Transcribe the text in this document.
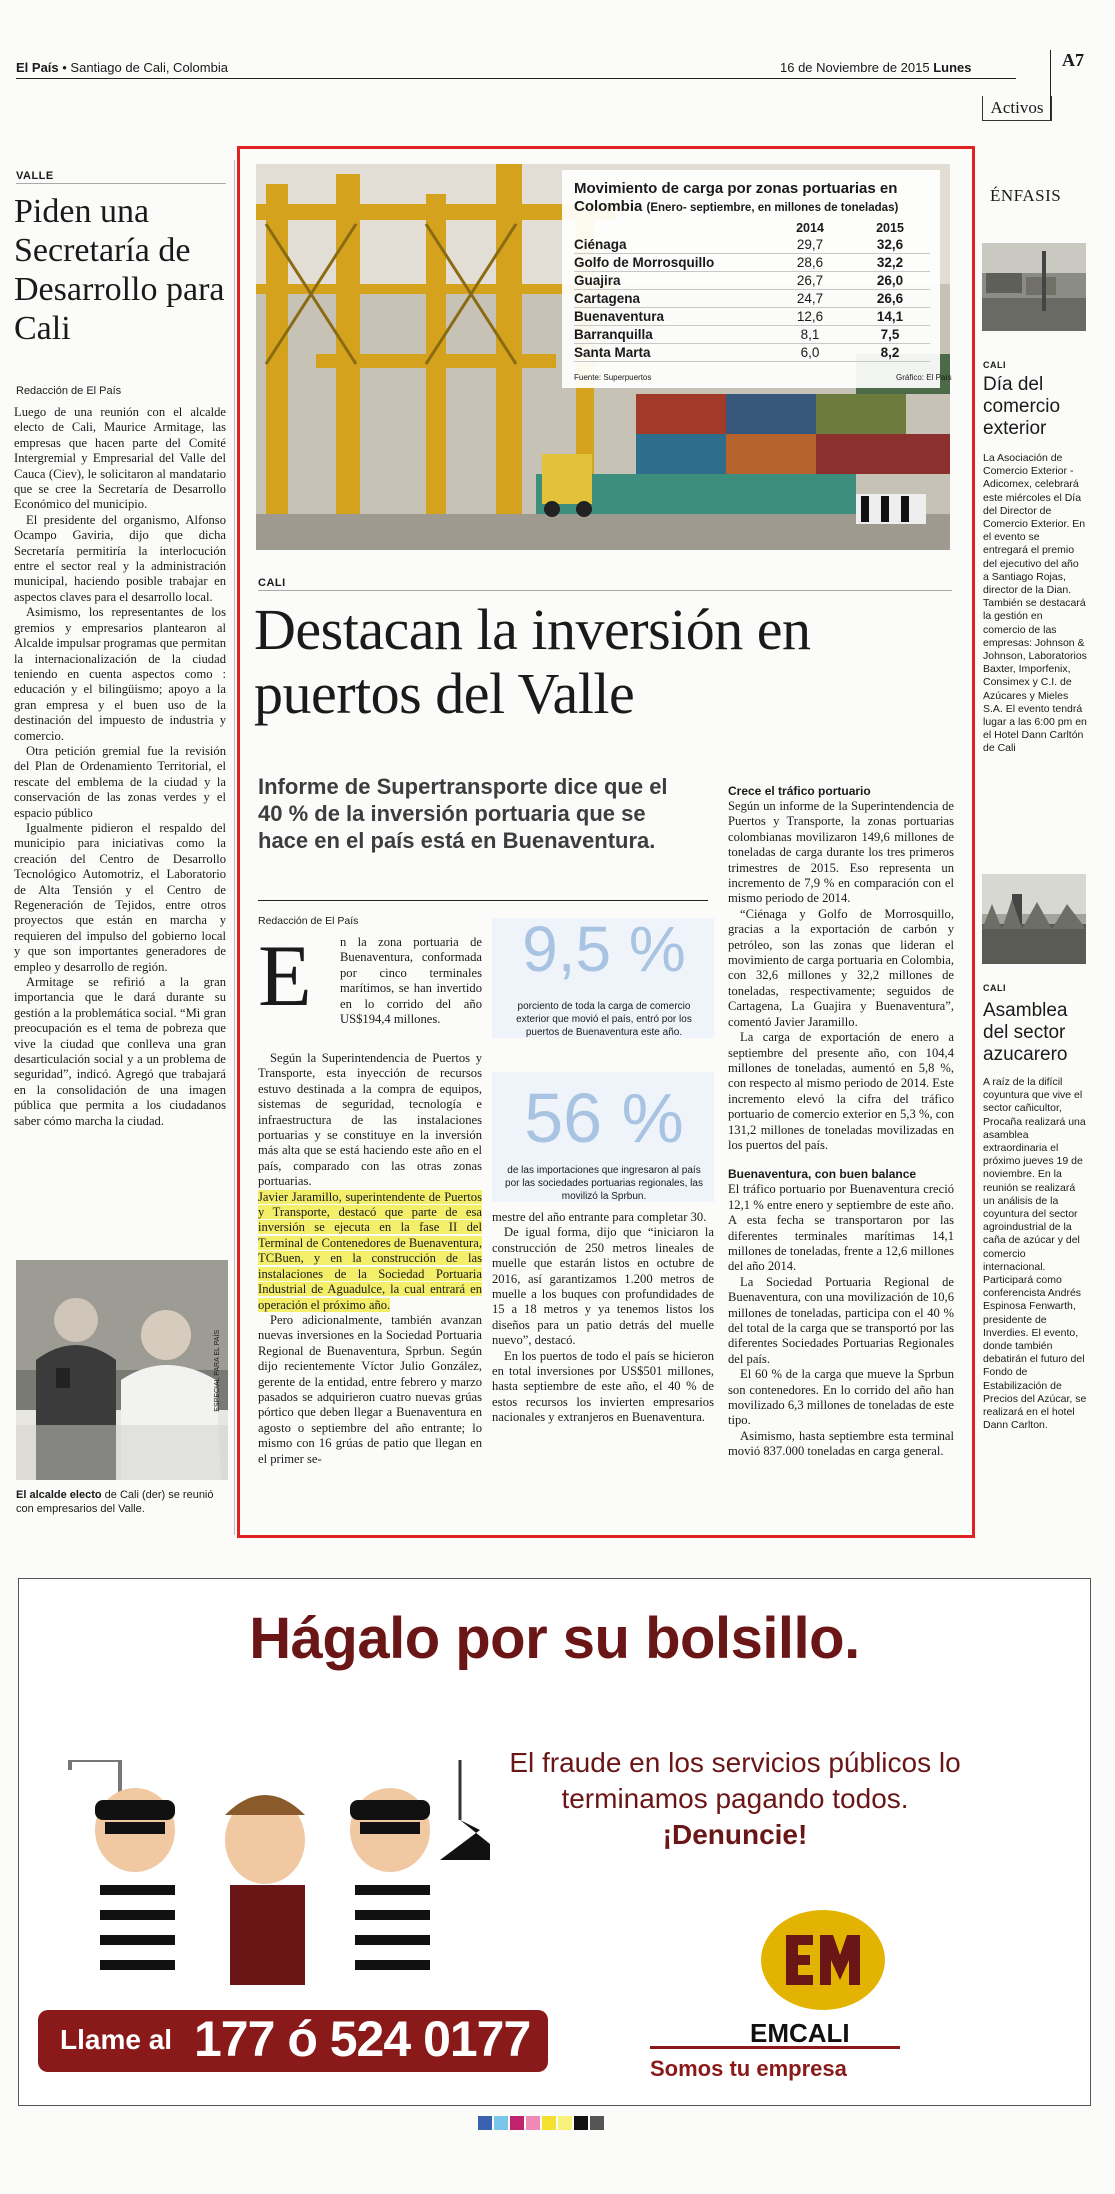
El País • Santiago de Cali, Colombia	16 de Noviembre de 2015 Lunes	A7
Activos
VALLE
Piden una Secretaría de Desarrollo para Cali
Redacción de El País

Luego de una reunión con el alcalde electo de Cali, Maurice Armitage, las empresas que hacen parte del Comité Intergremial y Empresarial del Valle del Cauca (Ciev), le solicitaron al mandatario que se cree la Secretaría de Desarrollo Económico del municipio.

El presidente del organismo, Alfonso Ocampo Gaviria, dijo que dicha Secretaría permitiría la interlocución entre el sector real y la administración municipal, haciendo posible trabajar en aspectos claves para el desarrollo local.

Asimismo, los representantes de los gremios y empresarios plantearon al Alcalde impulsar programas que permitan la internacionalización de la ciudad teniendo en cuenta aspectos como : educación y el bilingüismo; apoyo a la gran empresa y el buen uso de la destinación del impuesto de industria y comercio.

Otra petición gremial fue la revisión del Plan de Ordenamiento Territorial, el rescate del emblema de la ciudad y la conservación de las zonas verdes y el espacio público

Igualmente pidieron el respaldo del municipio para iniciativas como la creación del Centro de Desarrollo Tecnológico Automotriz, el Laboratorio de Alta Tensión y el Centro de Regeneración de Tejidos, entre otros proyectos que están en marcha y requieren del impulso del gobierno local y que son importantes generadores de empleo y desarrollo de región.

Armitage se refirió a la gran importancia que le dará durante su gestión a la problemática social. “Mi gran preocupación es el tema de pobreza que vive la ciudad que conlleva una gran desarticulación social y a un problema de seguridad”, indicó. Agregó que trabajará en la consolidación de una imagen pública que permita a los ciudadanos saber cómo marcha la ciudad.

ESPECIAL PARA EL PAÍS
El alcalde electo de Cali (der) se reunió con empresarios del Valle.
Movimiento de carga por zonas portuarias en Colombia (Enero- septiembre, en millones de toneladas)
	2014	2015
Ciénaga	29,7	32,6
Golfo de Morrosquillo	28,6	32,2
Guajira	26,7	26,0
Cartagena	24,7	26,6
Buenaventura	12,6	14,1
Barranquilla	8,1	7,5
Santa Marta	6,0	8,2
Fuente: Superpuertos	Gráfico: El País
CALI
Destacan la inversión en puertos del Valle
Informe de Supertransporte dice que el 40 % de la inversión portuaria que se hace en el país está en Buenaventura.
Redacción de El País
E n la zona portuaria de Buenaventura, conformada por cinco terminales marítimos, se han invertido en lo corrido del año US$194,4 millones.

Según la Superintendencia de Puertos y Transporte, esta inyección de recursos estuvo destinada a la compra de equipos, sistemas de seguridad, tecnología e infraestructura de las instalaciones portuarias y se constituye en la inversión más alta que se está haciendo este año en el país, comparado con las otras zonas portuarias.

Javier Jaramillo, superintendente de Puertos y Transporte, destacó que parte de esa inversión se ejecuta en la fase II del Terminal de Contenedores de Buenaventura, TCBuen, y en la construcción de las instalaciones de la Sociedad Portuaria Industrial de Aguadulce, la cual entrará en operación el próximo año.

Pero adicionalmente, también avanzan nuevas inversiones en la Sociedad Portuaria Regional de Buenaventura, Sprbun. Según dijo recientemente Víctor Julio González, gerente de la entidad, entre febrero y marzo pasados se adquirieron cuatro nuevas grúas pórtico que deben llegar a Buenaventura en agosto o septiembre del año entrante; lo mismo con 16 grúas de patio que llegan en el primer se-

9,5 %
porciento de toda la carga de comercio exterior que movió el país, entró por los puertos de Buenaventura este año.
56 %
de las importaciones que ingresaron al país por las sociedades portuarias regionales, las movilizó la Sprbun.

mestre del año entrante para completar 30.

De igual forma, dijo que “iniciaron la construcción de 250 metros lineales de muelle que estarán listos en octubre de 2016, así garantizamos 1.200 metros de muelle a los buques con profundidades de 15 a 18 metros y ya tenemos listos los diseños para un patio detrás del muelle nuevo”, destacó.

En los puertos de todo el país se hicieron en total inversiones por US$501 millones, hasta septiembre de este año, el 40 % de estos recursos los invierten empresarios nacionales y extranjeros en Buenaventura.

Crece el tráfico portuario

Según un informe de la Superintendencia de Puertos y Transporte, la zonas portuarias colombianas movilizaron 149,6 millones de toneladas de carga durante los tres primeros trimestres de 2015. Eso representa un incremento de 7,9 % en comparación con el mismo periodo de 2014.

“Ciénaga y Golfo de Morrosquillo, gracias a la exportación de carbón y petróleo, son las zonas que lideran el movimiento de carga portuaria en Colombia, con 32,6 millones y 32,2 millones de toneladas, respectivamente; seguidos de Cartagena, La Guajira y Buenaventura”, comentó Javier Jaramillo.

La carga de exportación de enero a septiembre del presente año, con 104,4 millones de toneladas, aumentó en 5,8 %, con respecto al mismo periodo de 2014. Este incremento elevó la cifra del tráfico portuario de comercio exterior en 5,3 %, con 131,2 millones de toneladas movilizadas en los puertos del país.

Buenaventura, con buen balance

El tráfico portuario por Buenaventura creció 12,1 % entre enero y septiembre de este año. A esta fecha se transportaron por las diferentes terminales marítimas 14,1 millones de toneladas, frente a 12,6 millones del año 2014.

La Sociedad Portuaria Regional de Buenaventura, con una movilización de 10,6 millones de toneladas, participa con el 40 % del total de la carga que se transportó por las diferentes Sociedades Portuarias Regionales del país.

El 60 % de la carga que mueve la Sprbun son contenedores. En lo corrido del año han movilizado 6,3 millones de toneladas de este tipo.

Asimismo, hasta septiembre esta terminal movió 837.000 toneladas en carga general.

ÉNFASIS
CALI
Día del comercio exterior
La Asociación de Comercio Exterior - Adicomex, celebrará este miércoles el Día del Director de Comercio Exterior. En el evento se entregará el premio del ejecutivo del año a Santiago Rojas, director de la Dian. También se destacará la gestión en comercio de las empresas: Johnson & Johnson, Laboratorios Baxter, Imporfenix, Consimex y C.I. de Azúcares y Mieles S.A. El evento tendrá lugar a las 6:00 pm en el Hotel Dann Carltón de Cali
CALI
Asamblea del sector azucarero
A raíz de la difícil coyuntura que vive el sector cañicultor, Procaña realizará una asamblea extraordinaria el próximo jueves 19 de noviembre. En la reunión se realizará un análisis de la coyuntura del sector agroindustrial de la caña de azúcar y del comercio internacional. Participará como conferencista Andrés Espinosa Fenwarth, presidente de Inverdies. El evento, donde también debatirán el futuro del Fondo de Estabilización de Precios del Azúcar, se realizará en el hotel Dann Carlton.
Hágalo por su bolsillo.
El fraude en los servicios públicos lo
terminamos pagando todos.
¡Denuncie!
EMCALI
Somos tu empresa
Llame al 177 ó 524 0177
